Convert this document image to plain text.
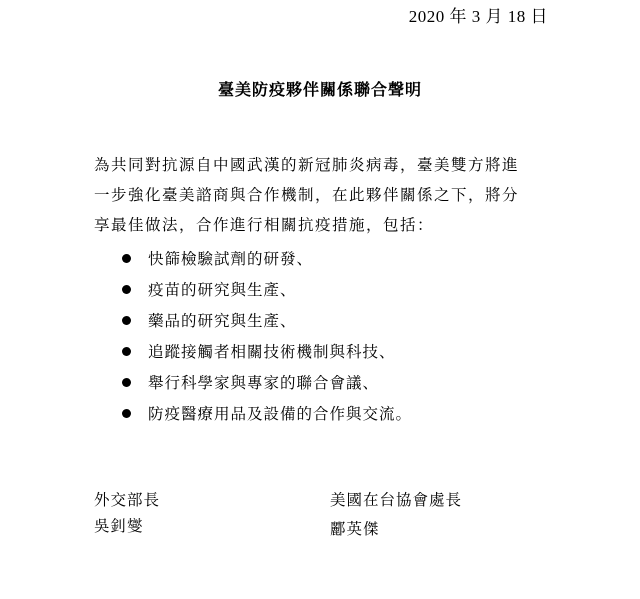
2020 年 3 月 18 日
臺美防疫夥伴關係聯合聲明
為共同對抗源自中國武漢的新冠肺炎病毒，臺美雙方將進
一步強化臺美諮商與合作機制，在此夥伴關係之下，將分
享最佳做法，合作進行相關抗疫措施，包括：
快篩檢驗試劑的研發、
疫苗的研究與生產、
藥品的研究與生產、
追蹤接觸者相關技術機制與科技、
舉行科學家與專家的聯合會議、
防疫醫療用品及設備的合作與交流。
外交部長
吳釗燮
美國在台協會處長
酈英傑
